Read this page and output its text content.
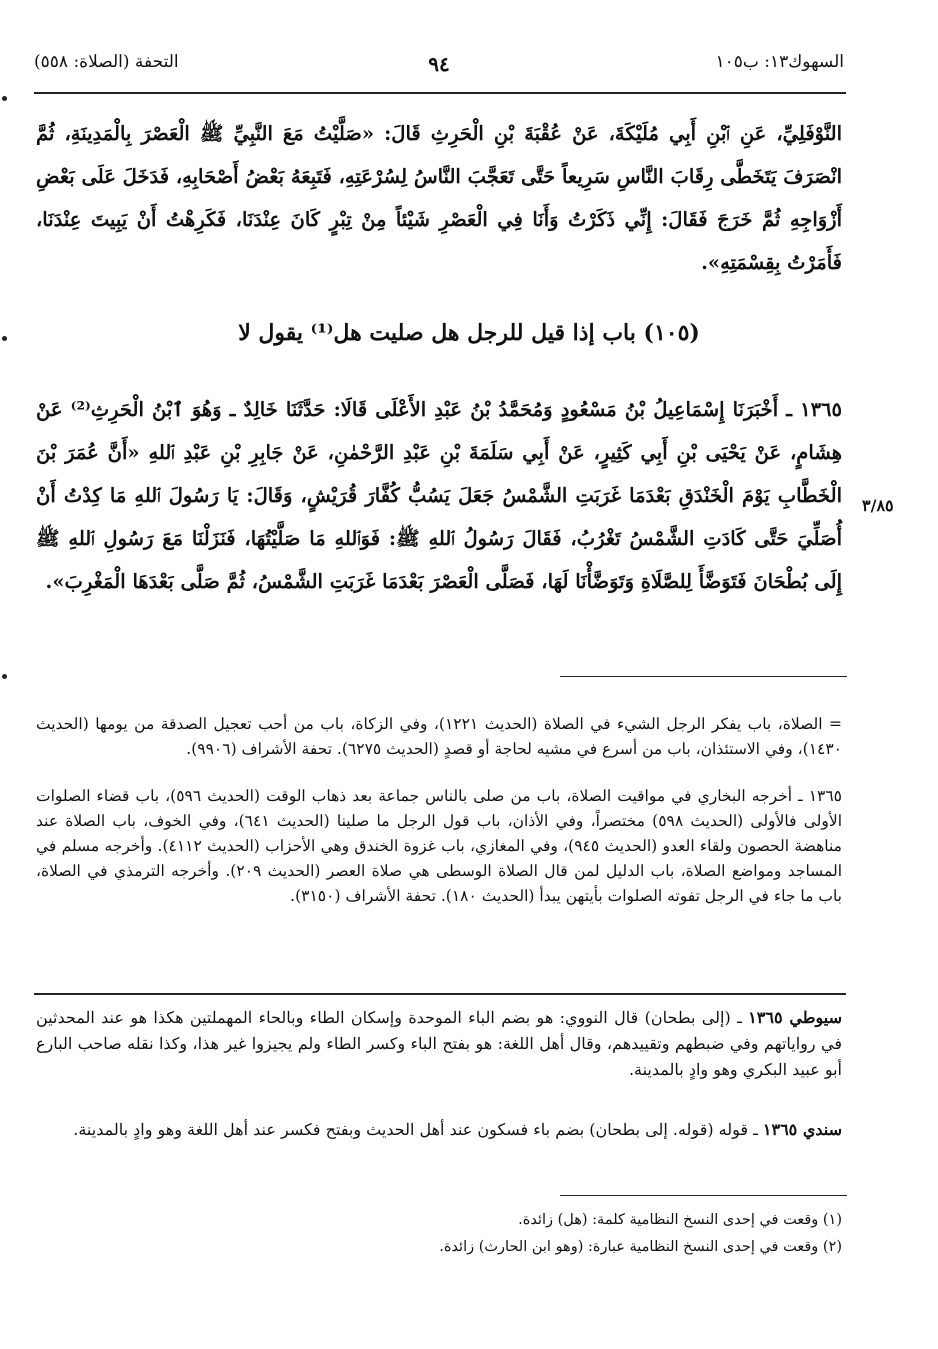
السهوك١٣: ب١٠٥
٩٤
التحفة (الصلاة: ٥٥٨)
النَّوْفَلِيِّ، عَنِ ٱبْنِ أَبِي مُلَيْكَةَ، عَنْ عُقْبَةَ بْنِ الْحَرِثِ قَالَ: «صَلَّيْتُ مَعَ النَّبِيِّ ﷺ الْعَصْرَ بِالْمَدِينَةِ، ثُمَّ انْصَرَفَ يَتَخَطَّى رِقَابَ النَّاسِ سَرِيعاً حَتَّى تَعَجَّبَ النَّاسُ لِسُرْعَتِهِ، فَتَبِعَهُ بَعْضُ أَصْحَابِهِ، فَدَخَلَ عَلَى بَعْضِ أَزْوَاجِهِ ثُمَّ خَرَجَ فَقَالَ: إِنِّي ذَكَرْتُ وَأَنَا فِي الْعَصْرِ شَيْئاً مِنْ تِبْرٍ كَانَ عِنْدَنَا، فَكَرِهْتُ أَنْ يَبِيتَ عِنْدَنَا، فَأَمَرْتُ بِقِسْمَتِهِ».
(١٠٥) باب إذا قيل للرجل هل صليت هل⁽¹⁾ يقول لا
١٣٦٥ ـ أَخْبَرَنَا إِسْمَاعِيلُ بْنُ مَسْعُودٍ وَمُحَمَّدُ بْنُ عَبْدِ الأَعْلَى قَالَا: حَدَّثَنَا خَالِدٌ ـ وَهُوَ ٱبْنُ الْحَرِثِ⁽²⁾ عَنْ هِشَامٍ، عَنْ يَحْيَى بْنِ أَبِي كَثِيرٍ، عَنْ أَبِي سَلَمَةَ بْنِ عَبْدِ الرَّحْمٰنِ، عَنْ جَابِرِ بْنِ عَبْدِ ٱللهِ «أَنَّ عُمَرَ بْنَ الْخَطَّابِ يَوْمَ الْخَنْدَقِ بَعْدَمَا غَرَبَتِ الشَّمْسُ جَعَلَ يَسُبُّ كُفَّارَ قُرَيْشٍ، وَقَالَ: يَا رَسُولَ ٱللهِ مَا كِدْتُ أَنْ أُصَلِّيَ حَتَّى كَادَتِ الشَّمْسُ تَغْرُبُ، فَقَالَ رَسُولُ ٱللهِ ﷺ: فَوَٱللهِ مَا صَلَّيْتُهَا، فَنَزَلْنَا مَعَ رَسُولِ ٱللهِ ﷺ إِلَى بُطْحَانَ فَتَوَضَّأَ لِلصَّلَاةِ وَتَوَضَّأْنَا لَهَا، فَصَلَّى الْعَصْرَ بَعْدَمَا غَرَبَتِ الشَّمْسُ، ثُمَّ صَلَّى بَعْدَهَا الْمَغْرِبَ».
٣/٨٥
= الصلاة، باب يفكر الرجل الشيء في الصلاة (الحديث ١٢٢١)، وفي الزكاة، باب من أحب تعجيل الصدقة من يومها (الحديث ١٤٣٠)، وفي الاستئذان، باب من أسرع في مشيه لحاجة أو قصدٍ (الحديث ٦٢٧٥). تحفة الأشراف (٩٩٠٦).
١٣٦٥ ـ أخرجه البخاري في مواقيت الصلاة، باب من صلى بالناس جماعة بعد ذهاب الوقت (الحديث ٥٩٦)، باب قضاء الصلوات الأولى فالأولى (الحديث ٥٩٨) مختصراً، وفي الأذان، باب قول الرجل ما صلينا (الحديث ٦٤١)، وفي الخوف، باب الصلاة عند مناهضة الحصون ولقاء العدو (الحديث ٩٤٥)، وفي المغازي، باب غزوة الخندق وهي الأحزاب (الحديث ٤١١٢). وأخرجه مسلم في المساجد ومواضع الصلاة، باب الدليل لمن قال الصلاة الوسطى هي صلاة العصر (الحديث ٢٠٩). وأخرجه الترمذي في الصلاة، باب ما جاء في الرجل تفوته الصلوات بأيتهن يبدأ (الحديث ١٨٠). تحفة الأشراف (٣١٥٠).
سيوطي ١٣٦٥ ـ (إلى بطحان) قال النووي: هو بضم الباء الموحدة وإسكان الطاء وبالحاء المهملتين هكذا هو عند المحدثين في رواياتهم وفي ضبطهم وتقييدهم، وقال أهل اللغة: هو بفتح الباء وكسر الطاء ولم يجيزوا غير هذا، وكذا نقله صاحب البارع أبو عبيد البكري وهو وادٍ بالمدينة.
سندي ١٣٦٥ ـ قوله (قوله. إلى بطحان) بضم باء فسكون عند أهل الحديث وبفتح فكسر عند أهل اللغة وهو وادٍ بالمدينة.
(١) وقعت في إحدى النسخ النظامية كلمة: (هل) زائدة.
(٢) وقعت في إحدى النسخ النظامية عبارة: (وهو ابن الحارث) زائدة.
